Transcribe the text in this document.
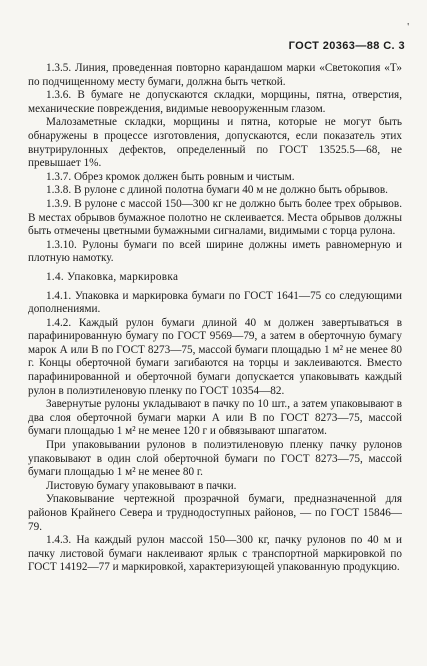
'
ГОСТ 20363—88 С. 3

1.3.5. Линия, проведенная повторно карандашом марки «Светокопия «Т» по подчищенному месту бумаги, должна быть четкой.

1.3.6. В бумаге не допускаются складки, морщины, пятна, отверстия, механические повреждения, видимые невооруженным глазом.

Малозаметные складки, морщины и пятна, которые не могут быть обнаружены в процессе изготовления, допускаются, если показатель этих внутрирулонных дефектов, определенный по ГОСТ 13525.5—68, не превышает 1%.

1.3.7. Обрез кромок должен быть ровным и чистым.

1.3.8. В рулоне с длиной полотна бумаги 40 м не должно быть обрывов.

1.3.9. В рулоне с массой 150—300 кг не должно быть более трех обрывов. В местах обрывов бумажное полотно не склеивается. Места обрывов должны быть отмечены цветными бумажными сигналами, видимыми с торца рулона.

1.3.10. Рулоны бумаги по всей ширине должны иметь равномерную и плотную намотку.

1.4. Упаковка, маркировка

1.4.1. Упаковка и маркировка бумаги по ГОСТ 1641—75 со следующими дополнениями.

1.4.2. Каждый рулон бумаги длиной 40 м должен завертываться в парафинированную бумагу по ГОСТ 9569—79, а затем в оберточную бумагу марок А или В по ГОСТ 8273—75, массой бумаги площадью 1 м² не менее 80 г. Концы оберточной бумаги загибаются на торцы и заклеиваются. Вместо парафинированной и оберточной бумаги допускается упаковывать каждый рулон в полиэтиленовую пленку по ГОСТ 10354—82.

Завернутые рулоны укладывают в пачку по 10 шт., а затем упаковывают в два слоя оберточной бумаги марки А или В по ГОСТ 8273—75, массой бумаги площадью 1 м² не менее 120 г и обвязывают шпагатом.

При упаковывании рулонов в полиэтиленовую пленку пачку рулонов упаковывают в один слой оберточной бумаги по ГОСТ 8273—75, массой бумаги площадью 1 м² не менее 80 г.

Листовую бумагу упаковывают в пачки.

Упаковывание чертежной прозрачной бумаги, предназначенной для районов Крайнего Севера и труднодоступных районов, — по ГОСТ 15846—79.

1.4.3. На каждый рулон массой 150—300 кг, пачку рулонов по 40 м и пачку листовой бумаги наклеивают ярлык с транспортной маркировкой по ГОСТ 14192—77 и маркировкой, характеризующей упакованную продукцию.
